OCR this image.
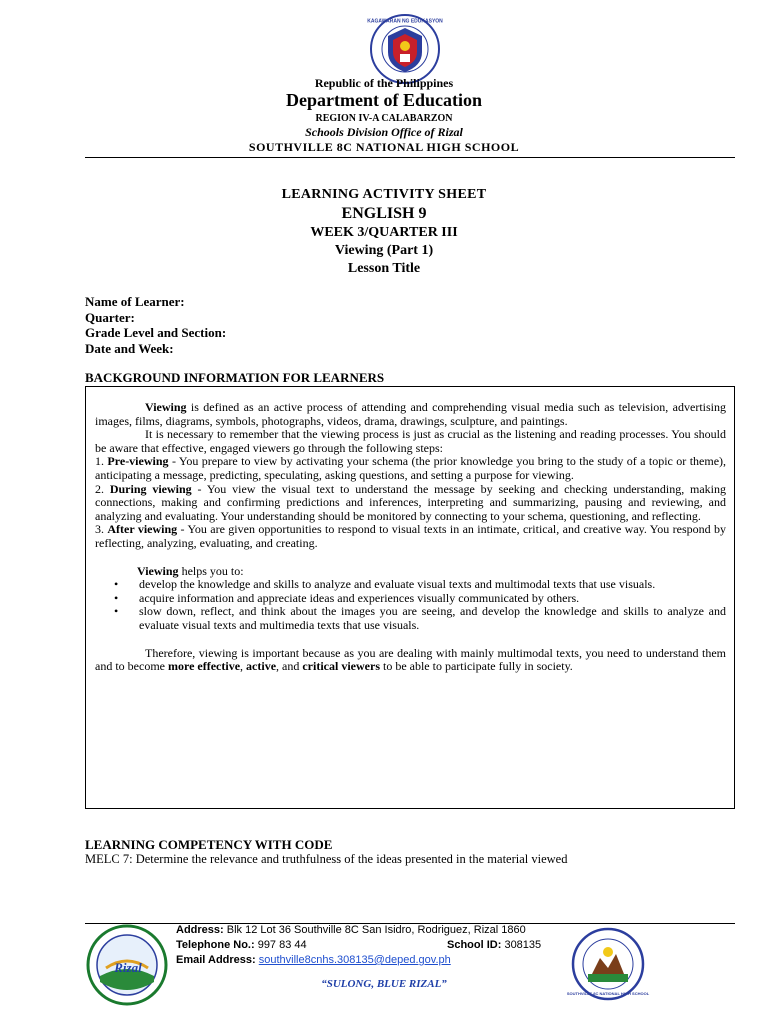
KAGAWARAN NG EDUKASYON
Republic of the Philippines
Department of Education
REGION IV-A CALABARZON
Schools Division Office of Rizal
SOUTHVILLE 8C NATIONAL HIGH SCHOOL
LEARNING ACTIVITY SHEET
ENGLISH 9
WEEK 3/QUARTER III
Viewing (Part 1)
Lesson Title
Name of Learner:
Quarter:
Grade Level and Section:
Date and Week:
BACKGROUND INFORMATION FOR LEARNERS

Viewing is defined as an active process of attending and comprehending visual media such as television, advertising images, films, diagrams, symbols, photographs, videos, drama, drawings, sculpture, and paintings.

It is necessary to remember that the viewing process is just as crucial as the listening and reading processes. You should be aware that effective, engaged viewers go through the following steps:

1. Pre-viewing - You prepare to view by activating your schema (the prior knowledge you bring to the study of a topic or theme), anticipating a message, predicting, speculating, asking questions, and setting a purpose for viewing.

2. During viewing - You view the visual text to understand the message by seeking and checking understanding, making connections, making and confirming predictions and inferences, interpreting and summarizing, pausing and reviewing, and analyzing and evaluating. Your understanding should be monitored by connecting to your schema, questioning, and reflecting.

3. After viewing - You are given opportunities to respond to visual texts in an intimate, critical, and creative way. You respond by reflecting, analyzing, evaluating, and creating.

Viewing helps you to:

• develop the knowledge and skills to analyze and evaluate visual texts and multimodal texts that use visuals.
• acquire information and appreciate ideas and experiences visually communicated by others.
• slow down, reflect, and think about the images you are seeing, and develop the knowledge and skills to analyze and evaluate visual texts and multimedia texts that use visuals.

Therefore, viewing is important because as you are dealing with mainly multimodal texts, you need to understand them and to become more effective, active, and critical viewers to be able to participate fully in society.

LEARNING COMPETENCY WITH CODE
MELC 7: Determine the relevance and truthfulness of the ideas presented in the material viewed
Rizal
Address: Blk 12 Lot 36 Southville 8C San Isidro, Rodriguez, Rizal 1860
Telephone No.: 997 83 44	School ID: 308135
Email Address: southville8cnhs.308135@deped.gov.ph
SOUTHVILLE 8C NATIONAL HIGH SCHOOL
“SULONG, BLUE RIZAL”
